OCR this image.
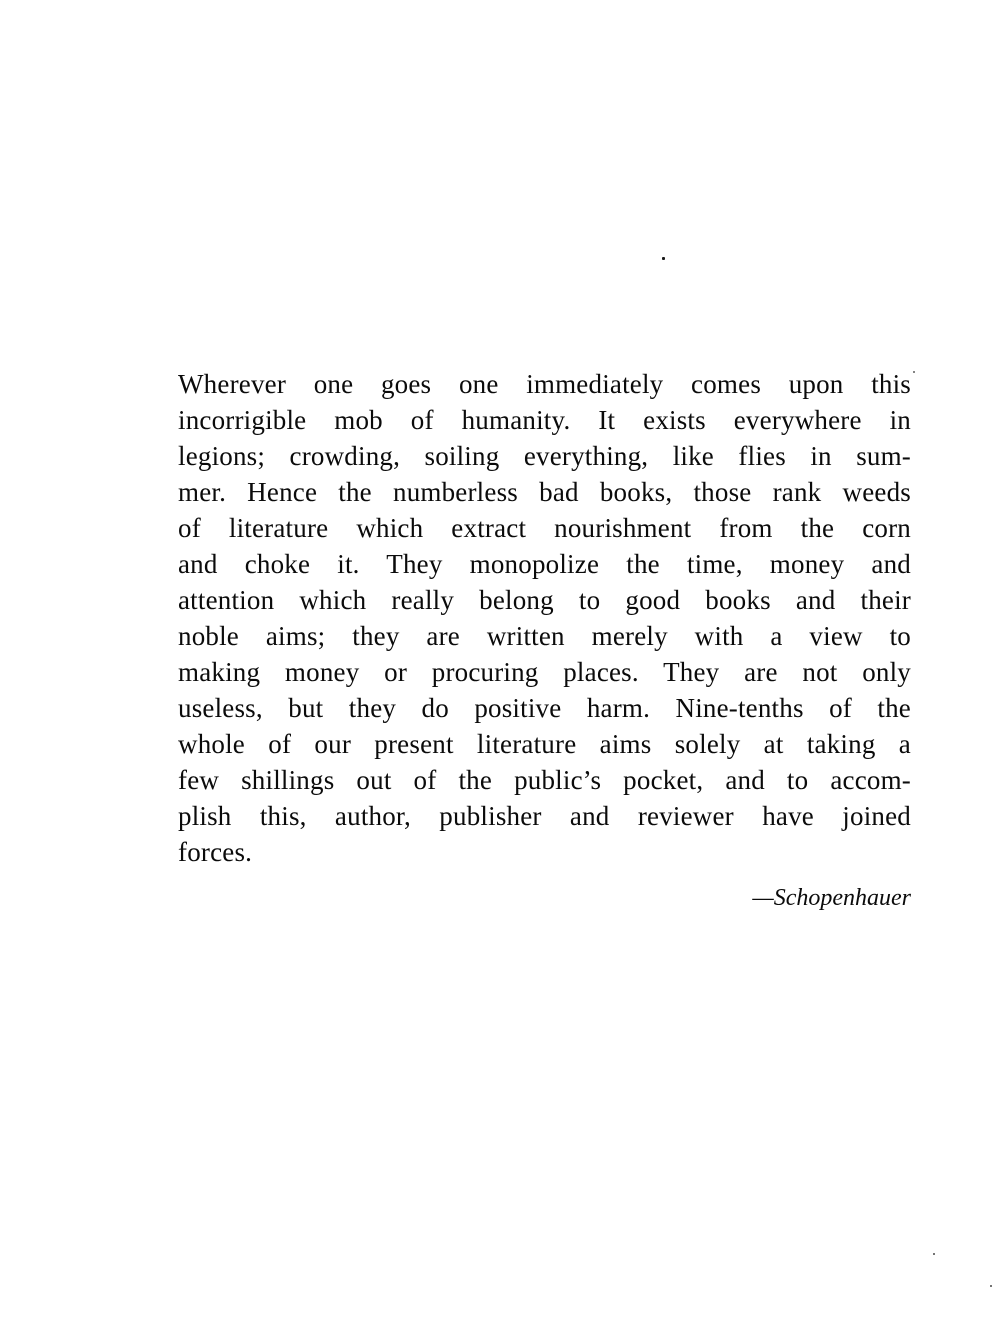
Wherever one goes one immediately comes upon this
incorrigible mob of humanity. It exists everywhere in
legions; crowding, soiling everything, like flies in sum-
mer. Hence the numberless bad books, those rank weeds
of literature which extract nourishment from the corn
and choke it. They monopolize the time, money and
attention which really belong to good books and their
noble aims; they are written merely with a view to
making money or procuring places. They are not only
useless, but they do positive harm. Nine-tenths of the
whole of our present literature aims solely at taking a
few shillings out of the public’s pocket, and to accom-
plish this, author, publisher and reviewer have joined
forces.
—Schopenhauer
